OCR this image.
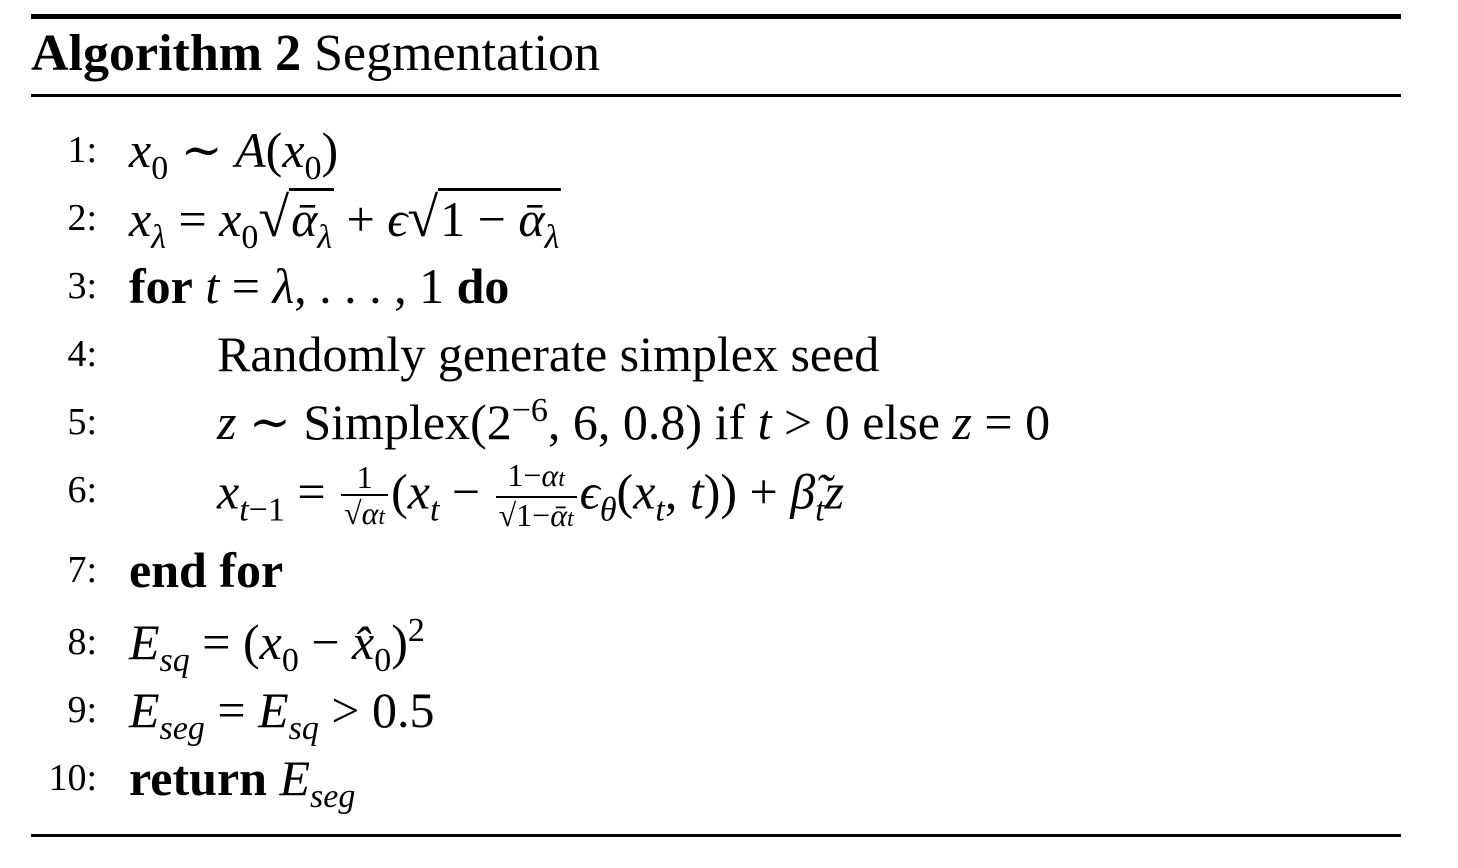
Algorithm 2 Segmentation
1: $x_0$ ∼ $A(x_0)$
2: $x_\lambda$ = $x_0√ᾱ_\lambda + \epsilon√1$ − ᾱ$_\lambda$
3: for t = λ, . . . , 1 do
4: Randomly generate simplex seed
5: z ∼ $Simplex(2^{-6}$, 6, 0.8) if t > 0 else z = 0
6: $x_{t-1} = \frac{1}{√\alpha t} (x_t - \frac{1-\alpha t}{\text{√1−ᾱt}} \epsilon_\theta(x_t$, $t)) + \betã_tz$
7: end for
8: $E_{sq} = (x_0$ − $x̂_0)^2$
9: $E_{seg} = E_{sq} > 0.5$
10: return $E_{seg}$
